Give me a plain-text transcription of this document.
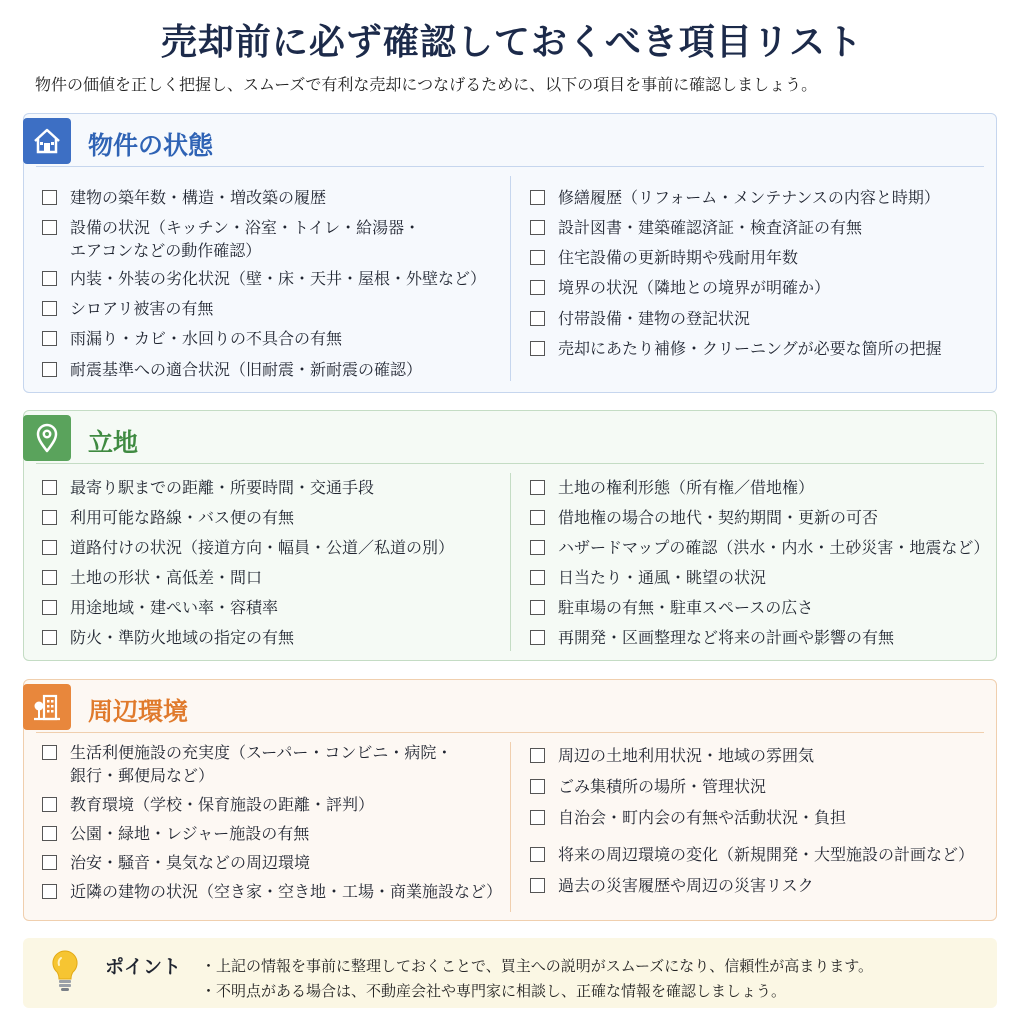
売却前に必ず確認しておくべき項目リスト
物件の価値を正しく把握し、スムーズで有利な売却につなげるために、以下の項目を事前に確認しましょう。
物件の状態
建物の築年数・構造・増改築の履歴
設備の状況（キッチン・浴室・トイレ・給湯器・
エアコンなどの動作確認）
内装・外装の劣化状況（壁・床・天井・屋根・外壁など）
シロアリ被害の有無
雨漏り・カビ・水回りの不具合の有無
耐震基準への適合状況（旧耐震・新耐震の確認）
修繕履歴（リフォーム・メンテナンスの内容と時期）
設計図書・建築確認済証・検査済証の有無
住宅設備の更新時期や残耐用年数
境界の状況（隣地との境界が明確か）
付帯設備・建物の登記状況
売却にあたり補修・クリーニングが必要な箇所の把握
立地
最寄り駅までの距離・所要時間・交通手段
利用可能な路線・バス便の有無
道路付けの状況（接道方向・幅員・公道／私道の別）
土地の形状・高低差・間口
用途地域・建ぺい率・容積率
防火・準防火地域の指定の有無
土地の権利形態（所有権／借地権）
借地権の場合の地代・契約期間・更新の可否
ハザードマップの確認（洪水・内水・土砂災害・地震など）
日当たり・通風・眺望の状況
駐車場の有無・駐車スペースの広さ
再開発・区画整理など将来の計画や影響の有無
周辺環境
生活利便施設の充実度（スーパー・コンビニ・病院・
銀行・郵便局など）
教育環境（学校・保育施設の距離・評判）
公園・緑地・レジャー施設の有無
治安・騒音・臭気などの周辺環境
近隣の建物の状況（空き家・空き地・工場・商業施設など）
周辺の土地利用状況・地域の雰囲気
ごみ集積所の場所・管理状況
自治会・町内会の有無や活動状況・負担
将来の周辺環境の変化（新規開発・大型施設の計画など）
過去の災害履歴や周辺の災害リスク
ポイント ・上記の情報を事前に整理しておくことで、買主への説明がスムーズになり、信頼性が高まります。
・不明点がある場合は、不動産会社や専門家に相談し、正確な情報を確認しましょう。
